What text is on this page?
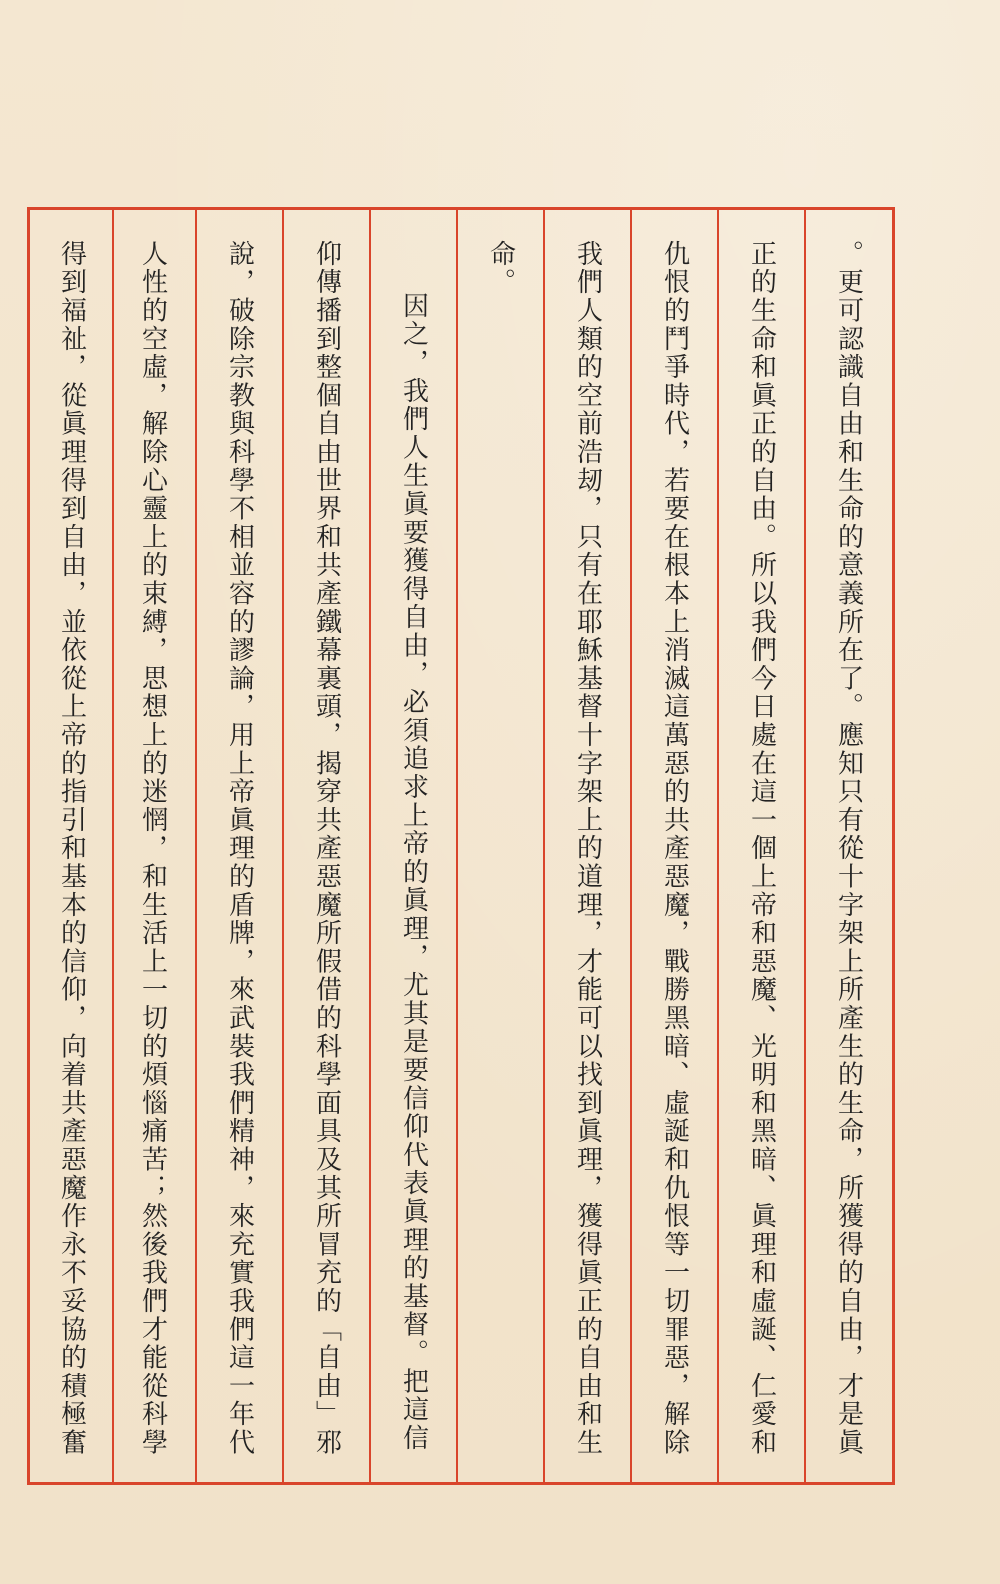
。更可認識自由和生命的意義所在了。應知只有從十字架上所產生的生命，所獲得的自由，才是眞
正的生命和眞正的自由。所以我們今日處在這一個上帝和惡魔、光明和黑暗、眞理和虛誕、仁愛和
仇恨的鬥爭時代，若要在根本上消滅這萬惡的共產惡魔，戰勝黑暗、虛誕和仇恨等一切罪惡，解除
我們人類的空前浩刼，只有在耶穌基督十字架上的道理，才能可以找到眞理，獲得眞正的自由和生
命。
因之，我們人生眞要獲得自由，必須追求上帝的眞理，尤其是要信仰代表眞理的基督。把這信
仰傳播到整個自由世界和共產鐵幕裏頭，揭穿共產惡魔所假借的科學面具及其所冒充的「自由」邪
說，破除宗教與科學不相並容的謬論，用上帝眞理的盾牌，來武裝我們精神，來充實我們這一年代
人性的空虛，解除心靈上的束縛，思想上的迷惘，和生活上一切的煩惱痛苦；然後我們才能從科學
得到福祉，從眞理得到自由，並依從上帝的指引和基本的信仰，向着共產惡魔作永不妥協的積極奮
